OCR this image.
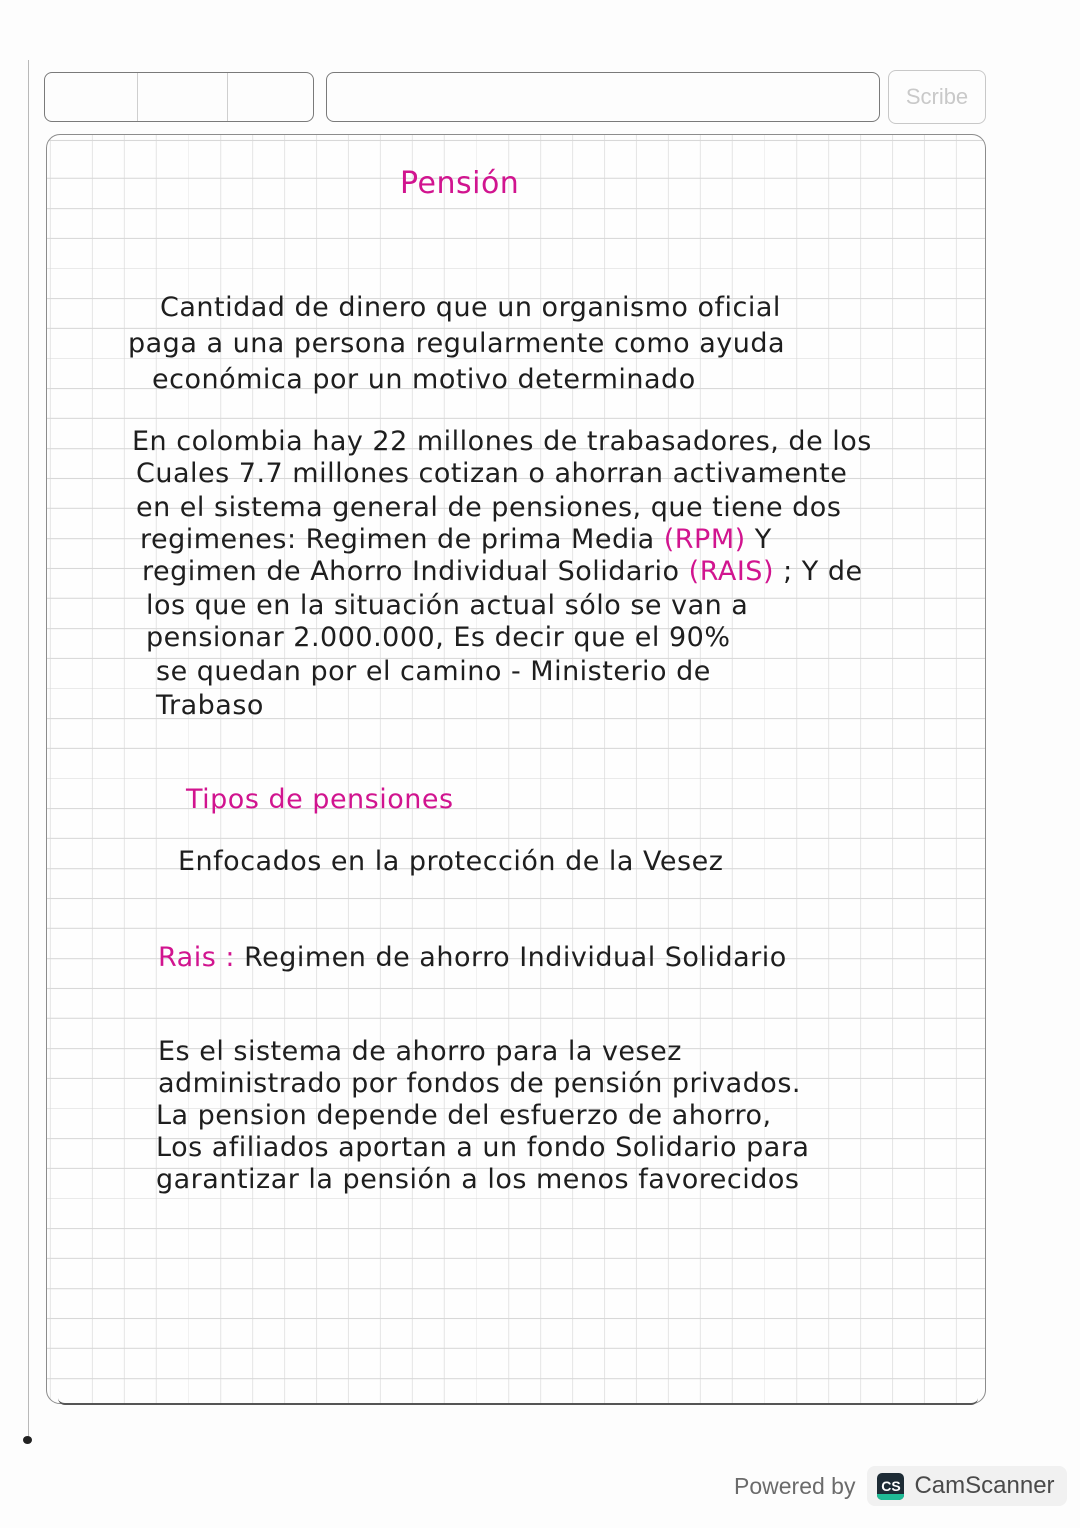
Scribe
Pensión
Cantidad de dinero que un organismo oficial
paga a una persona regularmente como ayuda
económica por un motivo determinado
En colombia hay 22 millones de trabasadores, de los
Cuales 7.7 millones cotizan o ahorran activamente
en el sistema general de pensiones, que tiene dos
regimenes: Regimen de prima Media (RPM) Y
regimen de Ahorro Individual Solidario (RAIS) ; Y de
los que en la situación actual sólo se van a
pensionar 2.000.000, Es decir que el 90%
se quedan por el camino - Ministerio de
Trabaso
Tipos de pensiones
Enfocados en la protección de la Vesez
Rais : Regimen de ahorro Individual Solidario
Es el sistema de ahorro para la vesez
administrado por fondos de pensión privados.
La pension depende del esfuerzo de ahorro,
Los afiliados aportan a un fondo Solidario para
garantizar la pensión a los menos favorecidos
Powered by CS CamScanner
